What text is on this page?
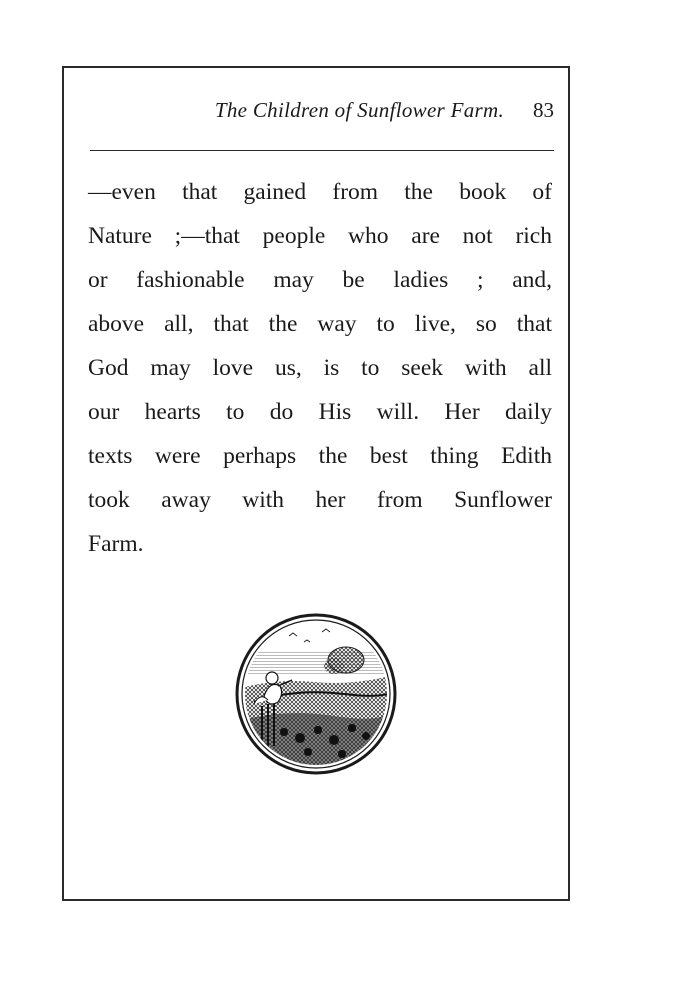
The Children of Sunflower Farm. 83
—even that gained from the book of
Nature ;—that people who are not rich
or fashionable may be ladies ; and,
above all, that the way to live, so that
God may love us, is to seek with all
our hearts to do His will. Her daily
texts were perhaps the best thing Edith
took away with her from Sunflower
Farm.
